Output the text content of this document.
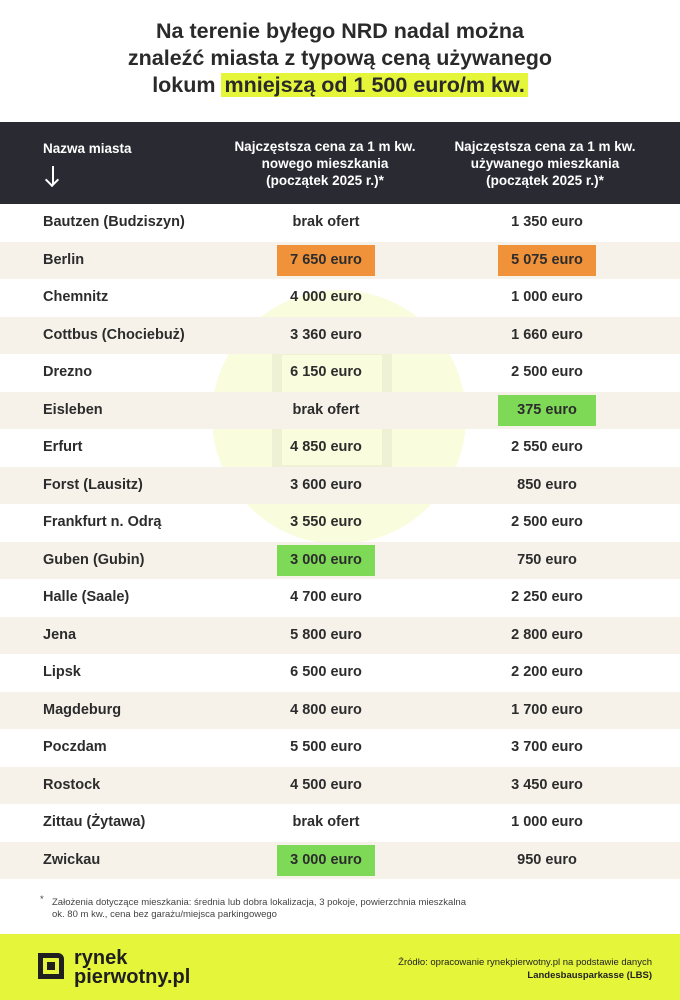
Na terenie byłego NRD nadal można
znaleźć miasta z typową ceną używanego
lokum mniejszą od 1 500 euro/m kw.
Nazwa miasta	Najczęstsza cena za 1 m kw.
nowego mieszkania
(początek 2025 r.)*
Najczęstsza cena za 1 m kw.
używanego mieszkania
(początek 2025 r.)*
Bautzen (Budziszyn)	brak ofert	1 350 euro
Berlin	7 650 euro	5 075 euro
Chemnitz	4 000 euro	1 000 euro
Cottbus (Chociebuż)	3 360 euro	1 660 euro
Drezno	6 150 euro	2 500 euro
Eisleben	brak ofert	375 euro
Erfurt	4 850 euro	2 550 euro
Forst (Lausitz)	3 600 euro	850 euro
Frankfurt n. Odrą	3 550 euro	2 500 euro
Guben (Gubin)	3 000 euro	750 euro
Halle (Saale)	4 700 euro	2 250 euro
Jena	5 800 euro	2 800 euro
Lipsk	6 500 euro	2 200 euro
Magdeburg	4 800 euro	1 700 euro
Poczdam	5 500 euro	3 700 euro
Rostock	4 500 euro	3 450 euro
Zittau (Żytawa)	brak ofert	1 000 euro
Zwickau	3 000 euro	950 euro
* Założenia dotyczące mieszkania: średnia lub dobra lokalizacja, 3 pokoje, powierzchnia mieszkalna
ok. 80 m kw., cena bez garażu/miejsca parkingowego
rynek
pierwotny.pl
Źródło: opracowanie rynekpierwotny.pl na podstawie danych
Landesbausparkasse (LBS)
